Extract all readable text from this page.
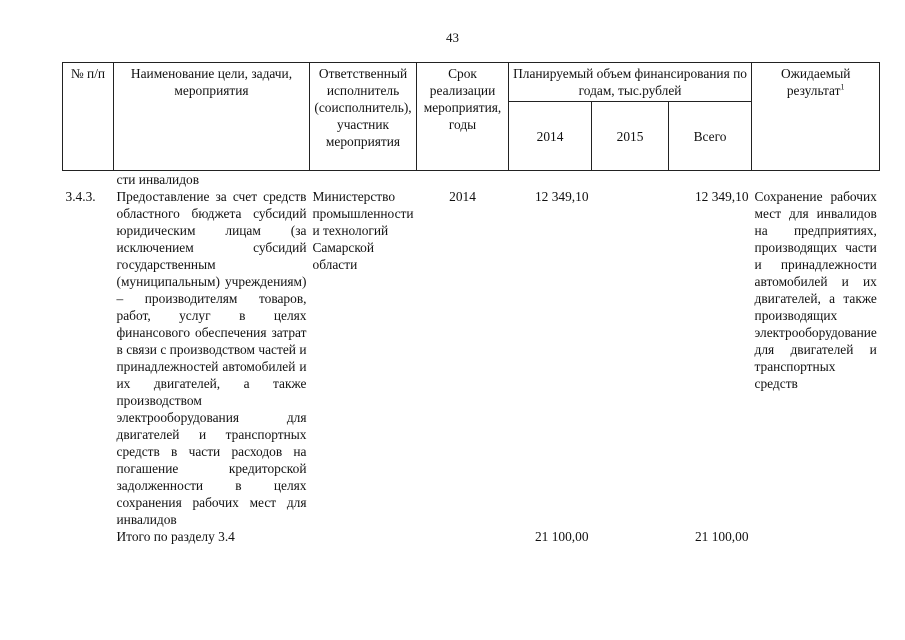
43
№ п/п	Наименование цели, задачи, мероприятия	Ответственный исполнитель (соисполнитель), участник мероприятия	Срок реализации мероприятия, годы	Планируемый объем финансирования по годам, тыс.рублей			Ожидаемый результат$^1$
				2014	2015	Всего	
	сти инвалидов						
3.4.3.	Предоставление за счет средств областного бюджета субсидий юридическим лицам (за исключением субсидий государственным (муниципальным) учреждениям) – производителям товаров, работ, услуг в целях финансового обеспечения затрат в связи с производством частей и принадлежностей автомобилей и их двигателей, а также производством электрооборудования для двигателей и транспортных средств в части расходов на погашение кредиторской задолженности в целях сохранения рабочих мест для инвалидов	Министерство промышленности и технологий Самарской области	2014	12 349,10		12 349,10	Сохранение рабочих мест для инвалидов на предприятиях, производящих части и принадлежности автомобилей и их двигателей, а также производящих электрооборудование для двигателей и транспортных средств
	Итого по разделу 3.4			21 100,00		21 100,00	
